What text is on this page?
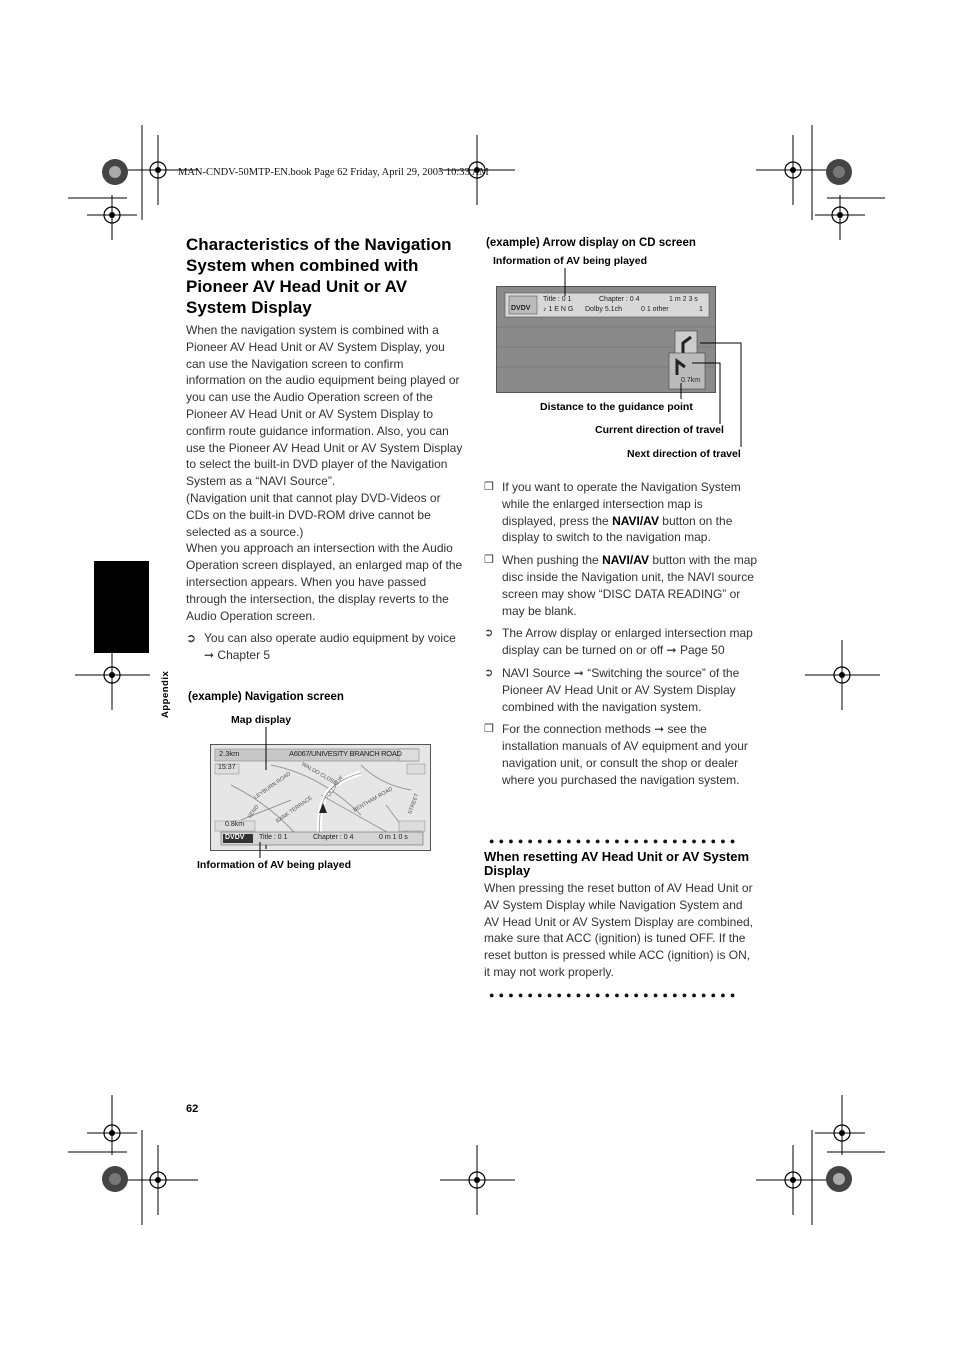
MAN-CNDV-50MTP-EN.book Page 62 Friday, April 29, 2005 10:33 AM
Appendix
Characteristics of the Navigation System when combined with Pioneer AV Head Unit or AV System Display

When the navigation system is combined with a Pioneer AV Head Unit or AV System Display, you can use the Navigation screen to confirm information on the audio equipment being played or you can use the Audio Operation screen of the Pioneer AV Head Unit or AV System Display to confirm route guidance information. Also, you can use the Pioneer AV Head Unit or AV System Display to select the built-in DVD player of the Navigation System as a “NAVI Source”.

(Navigation unit that cannot play DVD-Videos or CDs on the built-in DVD-ROM drive cannot be selected as a source.)

When you approach an intersection with the Audio Operation screen displayed, an enlarged map of the intersection appears. When you have passed through the intersection, the display reverts to the Audio Operation screen.

➲ You can also operate audio equipment by voice ➞ Chapter 5
(example) Navigation screen
Map display
2.3km	A6067/UNIVESITY BRANCH ROAD
15:37
0.8km
DVDV Title : 0 1	Chapter : 0 4	0 m 1 0 s
LEYBURN ROAD WALDO CLOSE
FULLVIEW BENTHAM ROAD
BANK TERRACE	STREET
SEND
Information of AV being played
(example) Arrow display on CD screen
Information of AV being played
DVDV
Title : 0 1	Chapter : 0 4	1 m 2 3 s
♪ 1 E N G Dolby 5.1ch	0 1 other	1
0.7km
Distance to the guidance point
Current direction of travel
Next direction of travel
❒ If you want to operate the Navigation System while the enlarged intersection map is displayed, press the NAVI/AV button on the display to switch to the navigation map.
❒ When pushing the NAVI/AV button with the map disc inside the Navigation unit, the NAVI source screen may show “DISC DATA READING” or may be blank.
➲ The Arrow display or enlarged intersection map display can be turned on or off ➞ Page 50
➲ NAVI Source ➞ “Switching the source” of the Pioneer AV Head Unit or AV System Display combined with the navigation system.
❒ For the connection methods ➞ see the installation manuals of AV equipment and your navigation unit, or consult the shop or dealer where you purchased the navigation system.
●●●●●●●●●●●●●●●●●●●●●●●●●●
When resetting AV Head Unit or AV System Display
When pressing the reset button of AV Head Unit or AV System Display while Navigation System and AV Head Unit or AV System Display are combined, make sure that ACC (ignition) is tuned OFF. If the reset button is pressed while ACC (ignition) is ON, it may not work properly.
●●●●●●●●●●●●●●●●●●●●●●●●●●
62
